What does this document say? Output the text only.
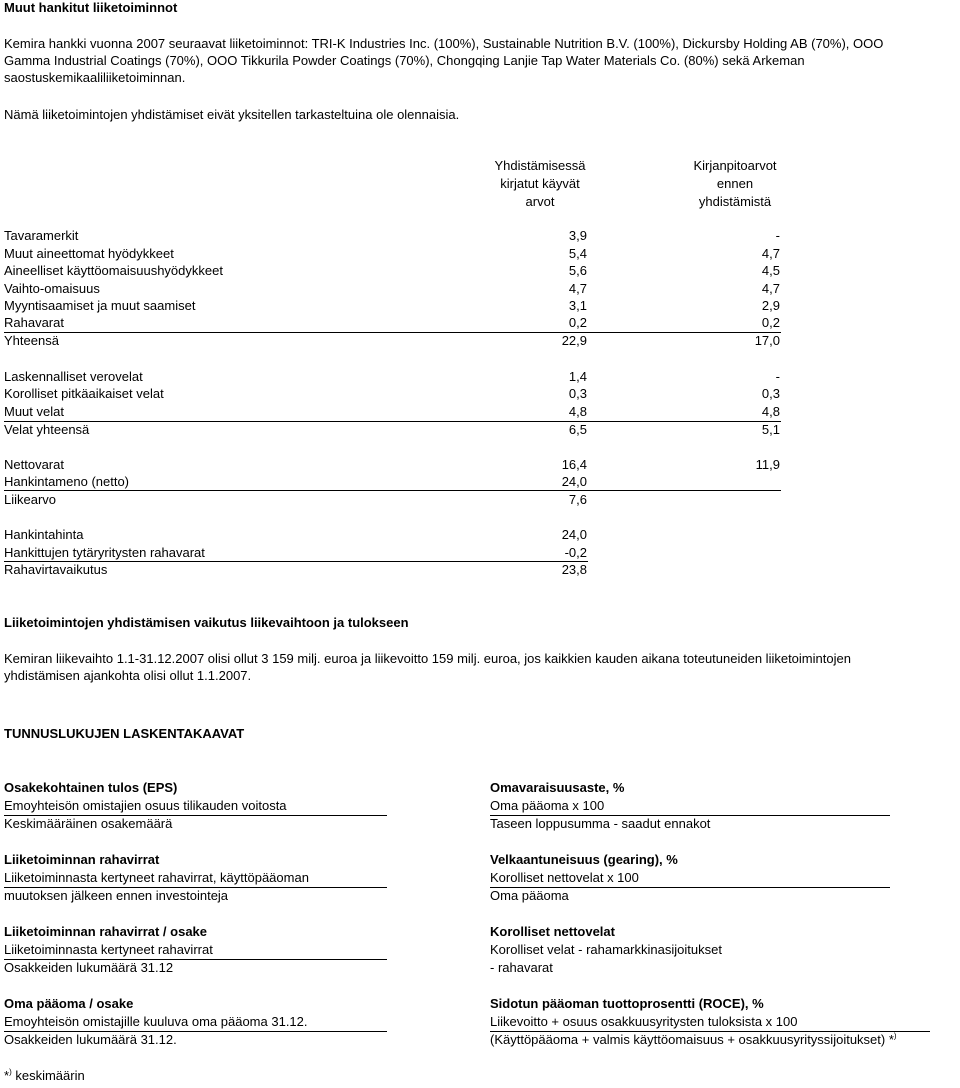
Muut hankitut liiketoiminnot
Kemira hankki vuonna 2007 seuraavat liiketoiminnot: TRI-K Industries Inc. (100%), Sustainable Nutrition B.V. (100%), Dickursby Holding AB (70%), OOO
Gamma Industrial Coatings (70%), OOO Tikkurila Powder Coatings (70%), Chongqing Lanjie Tap Water Materials Co. (80%) sekä Arkeman
saostuskemikaaliliiketoiminnan.
Nämä liiketoimintojen yhdistämiset eivät yksitellen tarkasteltuina ole olennaisia.
Yhdistämisessä
kirjatut käyvät
arvot
Kirjanpitoarvot
ennen
yhdistämistä
Tavaramerkit	3,9	-
Muut aineettomat hyödykkeet	5,4	4,7
Aineelliset käyttöomaisuushyödykkeet	5,6	4,5
Vaihto-omaisuus	4,7	4,7
Myyntisaamiset ja muut saamiset	3,1	2,9
Rahavarat	0,2	0,2
Yhteensä	22,9	17,0
Laskennalliset verovelat	1,4	-
Korolliset pitkäaikaiset velat	0,3	0,3
Muut velat	4,8	4,8
Velat yhteensä	6,5	5,1
Nettovarat	16,4	11,9
Hankintameno (netto)	24,0
Liikearvo	7,6
Hankintahinta	24,0
Hankittujen tytäryritysten rahavarat	-0,2
Rahavirtavaikutus	23,8
Liiketoimintojen yhdistämisen vaikutus liikevaihtoon ja tulokseen
Kemiran liikevaihto 1.1-31.12.2007 olisi ollut 3 159 milj. euroa ja liikevoitto 159 milj. euroa, jos kaikkien kauden aikana toteutuneiden liiketoimintojen
yhdistämisen ajankohta olisi ollut 1.1.2007.
TUNNUSLUKUJEN LASKENTAKAAVAT
Osakekohtainen tulos (EPS)
Emoyhteisön omistajien osuus tilikauden voitosta
Keskimääräinen osakemäärä
Liiketoiminnan rahavirrat
Liiketoiminnasta kertyneet rahavirrat, käyttöpääoman
muutoksen jälkeen ennen investointeja
Liiketoiminnan rahavirrat / osake
Liiketoiminnasta kertyneet rahavirrat
Osakkeiden lukumäärä 31.12
Oma pääoma / osake
Emoyhteisön omistajille kuuluva oma pääoma 31.12.
Osakkeiden lukumäärä 31.12.
Omavaraisuusaste, %
Oma pääoma x 100
Taseen loppusumma - saadut ennakot
Velkaantuneisuus (gearing), %
Korolliset nettovelat x 100
Oma pääoma
Korolliset nettovelat
Korolliset velat - rahamarkkinasijoitukset
- rahavarat
Sidotun pääoman tuottoprosentti (ROCE), %
Liikevoitto + osuus osakkuusyritysten tuloksista x 100
(Käyttöpääoma + valmis käyttöomaisuus + osakkuusyrityssijoitukset) *)
*) keskimäärin
